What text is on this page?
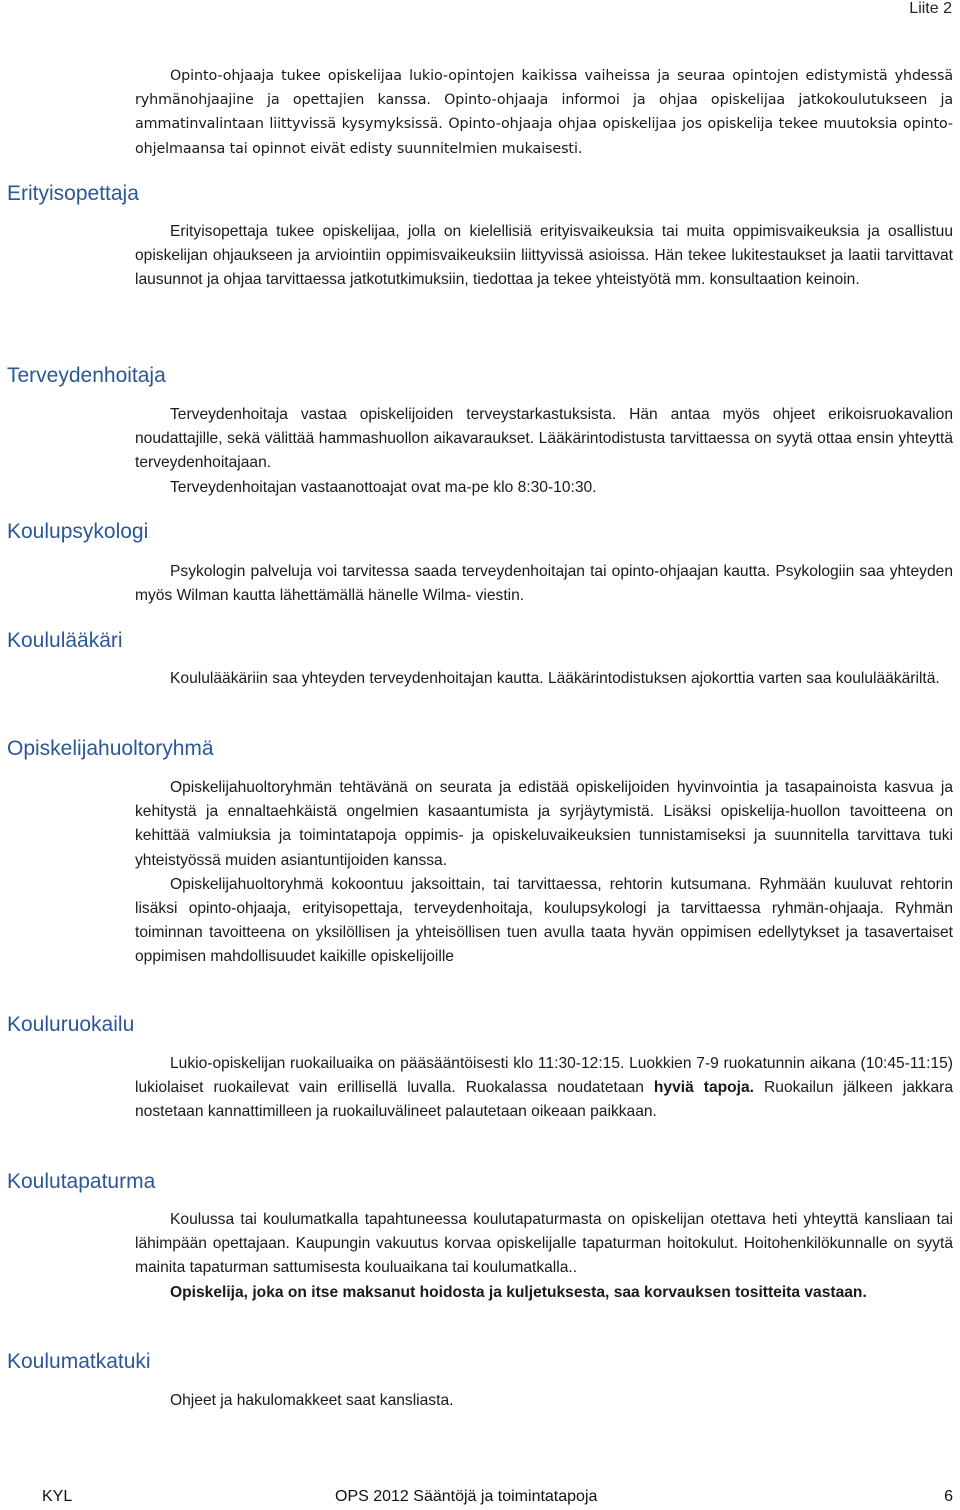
Liite 2

Opinto-ohjaaja tukee opiskelijaa lukio-opintojen kaikissa vaiheissa ja seuraa opintojen edistymistä yhdessä ryhmänohjaajine ja opettajien kanssa. Opinto-ohjaaja informoi ja ohjaa opiskelijaa jatkokoulutukseen ja ammatinvalintaan liittyvissä kysymyksissä. Opinto-ohjaaja ohjaa opiskelijaa jos opiskelija tekee muutoksia opinto-ohjelmaansa tai opinnot eivät edisty suunnitelmien mukaisesti.

Erityisopettaja

Erityisopettaja tukee opiskelijaa, jolla on kielellisiä erityisvaikeuksia tai muita oppimisvaikeuksia ja osallistuu opiskelijan ohjaukseen ja arviointiin oppimisvaikeuksiin liittyvissä asioissa. Hän tekee lukitestaukset ja laatii tarvittavat lausunnot ja ohjaa tarvittaessa jatkotutkimuksiin, tiedottaa ja tekee yhteistyötä mm. konsultaation keinoin.

Terveydenhoitaja

Terveydenhoitaja vastaa opiskelijoiden terveystarkastuksista. Hän antaa myös ohjeet erikoisruokavalion noudattajille, sekä välittää hammashuollon aikavaraukset. Lääkärintodistusta tarvittaessa on syytä ottaa ensin yhteyttä terveydenhoitajaan.

Terveydenhoitajan vastaanottoajat ovat ma-pe klo 8:30-10:30.

Koulupsykologi

Psykologin palveluja voi tarvitessa saada terveydenhoitajan tai opinto-ohjaajan kautta. Psykologiin saa yhteyden myös Wilman kautta lähettämällä hänelle Wilma- viestin.

Koululääkäri

Koululääkäriin saa yhteyden terveydenhoitajan kautta. Lääkärintodistuksen ajokorttia varten saa koululääkäriltä.

Opiskelijahuoltoryhmä

Opiskelijahuoltoryhmän tehtävänä on seurata ja edistää opiskelijoiden hyvinvointia ja tasapainoista kasvua ja kehitystä ja ennaltaehkäistä ongelmien kasaantumista ja syrjäytymistä. Lisäksi opiskelija-huollon tavoitteena on kehittää valmiuksia ja toimintatapoja oppimis- ja opiskeluvaikeuksien tunnistamiseksi ja suunnitella tarvittava tuki yhteistyössä muiden asiantuntijoiden kanssa.

Opiskelijahuoltoryhmä kokoontuu jaksoittain, tai tarvittaessa, rehtorin kutsumana. Ryhmään kuuluvat rehtorin lisäksi opinto-ohjaaja, erityisopettaja, terveydenhoitaja, koulupsykologi ja tarvittaessa ryhmän-ohjaaja. Ryhmän toiminnan tavoitteena on yksilöllisen ja yhteisöllisen tuen avulla taata hyvän oppimisen edellytykset ja tasavertaiset oppimisen mahdollisuudet kaikille opiskelijoille

Kouluruokailu

Lukio-opiskelijan ruokailuaika on pääsääntöisesti klo 11:30-12:15. Luokkien 7-9 ruokatunnin aikana (10:45-11:15) lukiolaiset ruokailevat vain erillisellä luvalla. Ruokalassa noudatetaan hyviä tapoja. Ruokailun jälkeen jakkara nostetaan kannattimilleen ja ruokailuvälineet palautetaan oikeaan paikkaan.

Koulutapaturma

Koulussa tai koulumatkalla tapahtuneessa koulutapaturmasta on opiskelijan otettava heti yhteyttä kansliaan tai lähimpään opettajaan. Kaupungin vakuutus korvaa opiskelijalle tapaturman hoitokulut. Hoitohenkilökunnalle on syytä mainita tapaturman sattumisesta kouluaikana tai koulumatkalla..

Opiskelija, joka on itse maksanut hoidosta ja kuljetuksesta, saa korvauksen tositteita vastaan.

Koulumatkatuki

Ohjeet ja hakulomakkeet saat kansliasta.

KYL	OPS 2012 Sääntöjä ja toimintatapoja	6
